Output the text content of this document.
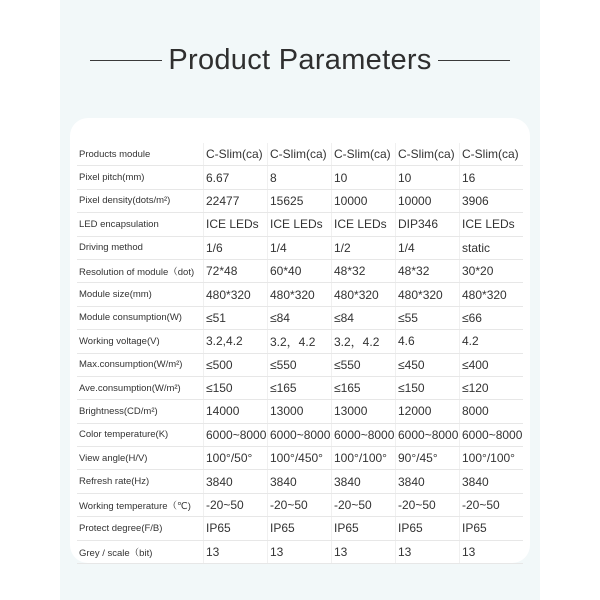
Product Parameters
Products module	C-Slim(ca)	C-Slim(ca)	C-Slim(ca)	C-Slim(ca)	C-Slim(ca)
Pixel pitch(mm)	6.67	8	10	10	16
Pixel density(dots/m²)	22477	15625	10000	10000	3906
LED encapsulation	ICE LEDs	ICE LEDs	ICE LEDs	DIP346	ICE LEDs
Driving method	1/6	1/4	1/2	1/4	static
Resolution of module（dot)	72*48	60*40	48*32	48*32	30*20
Module size(mm)	480*320	480*320	480*320	480*320	480*320
Module consumption(W)	≤51	≤84	≤84	≤55	≤66
Working voltage(V)	3.2,4.2	3.2，4.2	3.2，4.2	4.6	4.2
Max.consumption(W/m²)	≤500	≤550	≤550	≤450	≤400
Ave.consumption(W/m²)	≤150	≤165	≤165	≤150	≤120
Brightness(CD/m²)	14000	13000	13000	12000	8000
Color temperature(K)	6000~8000	6000~8000	6000~8000	6000~8000	6000~8000
View angle(H/V)	100°/50°	100°/450°	100°/100°	90°/45°	100°/100°
Refresh rate(Hz)	3840	3840	3840	3840	3840
Working temperature（℃)	-20~50	-20~50	-20~50	-20~50	-20~50
Protect degree(F/B)	IP65	IP65	IP65	IP65	IP65
Grey / scale（bit)	13	13	13	13	13
